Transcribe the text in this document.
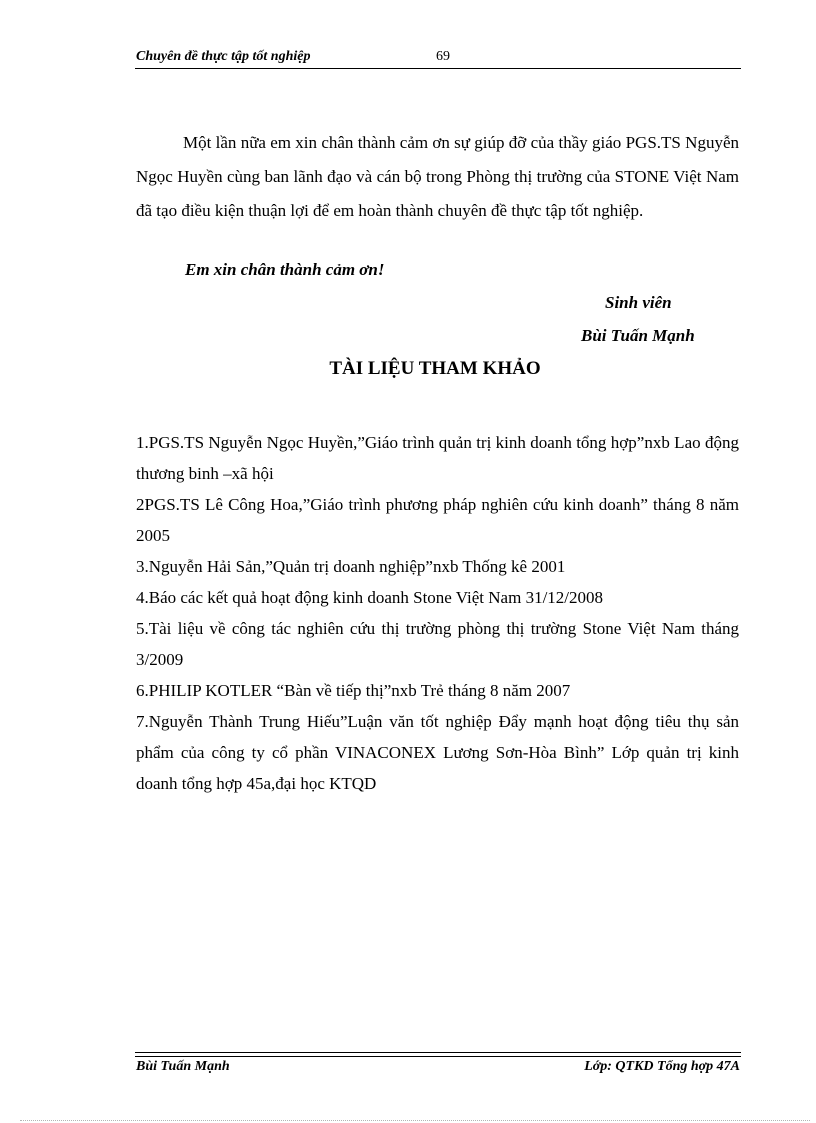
Chuyên đề thực tập tốt nghiệp	69

Một lần nữa em xin chân thành cảm ơn sự giúp đỡ của thầy giáo PGS.TS Nguyễn Ngọc Huyền cùng ban lãnh đạo và cán bộ trong Phòng thị trường của STONE Việt Nam đã tạo điều kiện thuận lợi để em hoàn thành chuyên đề thực tập tốt nghiệp.

Em xin chân thành cảm ơn!
Sinh viên
Bùi Tuấn Mạnh
TÀI LIỆU THAM KHẢO

1.PGS.TS Nguyễn Ngọc Huyền,”Giáo trình quản trị kinh doanh tổng hợp”nxb Lao động thương binh –xã hội

2PGS.TS Lê Công Hoa,”Giáo trình phương pháp nghiên cứu kinh doanh” tháng 8 năm 2005

3.Nguyễn Hải Sản,”Quản trị doanh nghiệp”nxb Thống kê 2001

4.Báo các kết quả hoạt động kinh doanh Stone Việt Nam 31/12/2008

5.Tài liệu về công tác nghiên cứu thị trường phòng thị trường Stone Việt Nam tháng 3/2009

6.PHILIP KOTLER “Bàn về tiếp thị”nxb Trẻ tháng 8 năm 2007

7.Nguyễn Thành Trung Hiếu”Luận văn tốt nghiệp Đẩy mạnh hoạt động tiêu thụ sản phẩm của công ty cổ phần VINACONEX Lương Sơn-Hòa Bình” Lớp quản trị kinh doanh tổng hợp 45a,đại học KTQD

Bùi Tuấn Mạnh	Lớp: QTKD Tổng hợp 47A
